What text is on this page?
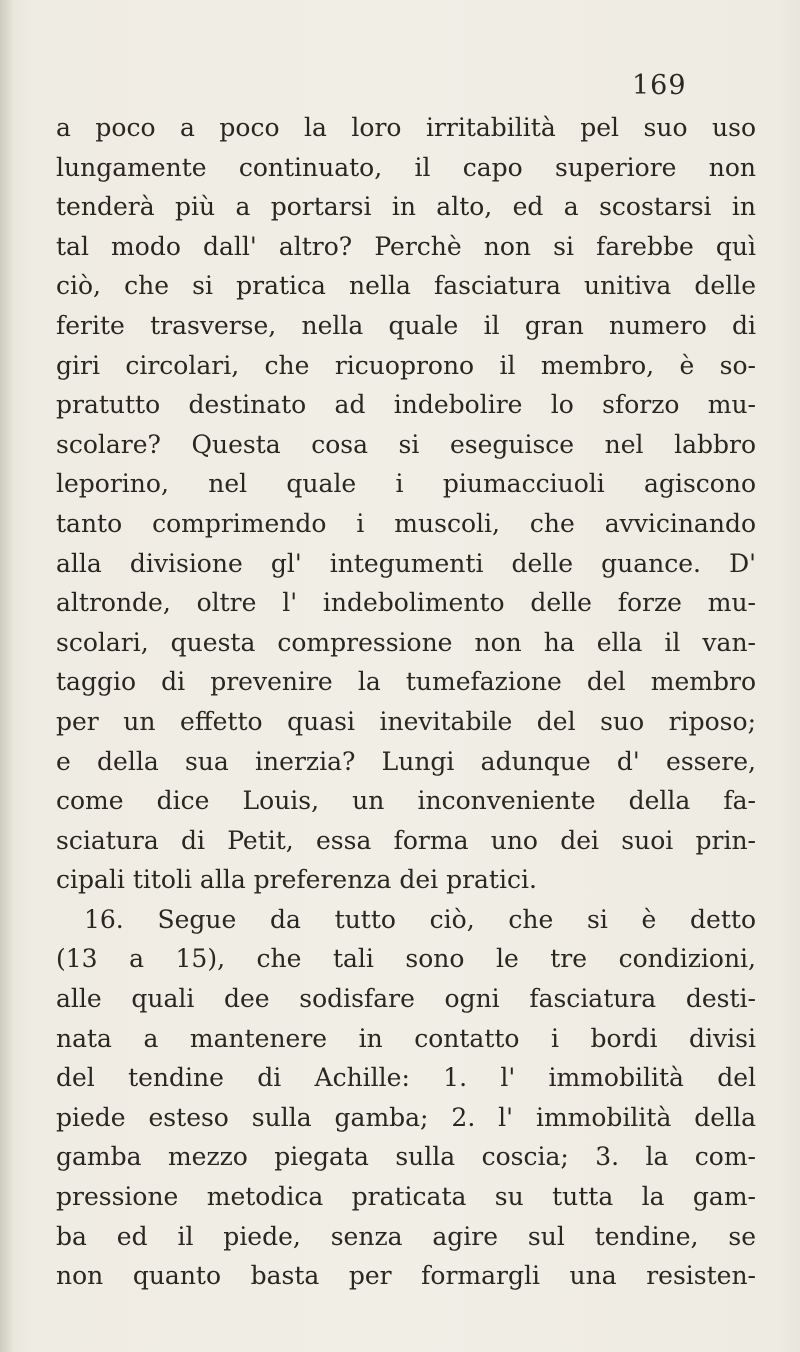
169
a poco a poco la loro irritabilità pel suo uso
lungamente continuato, il capo superiore non
tenderà più a portarsi in alto, ed a scostarsi in
tal modo dall' altro? Perchè non si farebbe quì
ciò, che si pratica nella fasciatura unitiva delle
ferite trasverse, nella quale il gran numero di
giri circolari, che ricuoprono il membro, è so-
pratutto destinato ad indebolire lo sforzo mu-
scolare? Questa cosa si eseguisce nel labbro
leporino, nel quale i piumacciuoli agiscono
tanto comprimendo i muscoli, che avvicinando
alla divisione gl' integumenti delle guance. D'
altronde, oltre l' indebolimento delle forze mu-
scolari, questa compressione non ha ella il van-
taggio di prevenire la tumefazione del membro
per un effetto quasi inevitabile del suo riposo;
e della sua inerzia? Lungi adunque d' essere,
come dice Louis, un inconveniente della fa-
sciatura di Petit, essa forma uno dei suoi prin-
cipali titoli alla preferenza dei pratici.
16. Segue da tutto ciò, che si è detto
(13 a 15), che tali sono le tre condizioni,
alle quali dee sodisfare ogni fasciatura desti-
nata a mantenere in contatto i bordi divisi
del tendine di Achille: 1. l' immobilità del
piede esteso sulla gamba; 2. l' immobilità della
gamba mezzo piegata sulla coscia; 3. la com-
pressione metodica praticata su tutta la gam-
ba ed il piede, senza agire sul tendine, se
non quanto basta per formargli una resisten-
